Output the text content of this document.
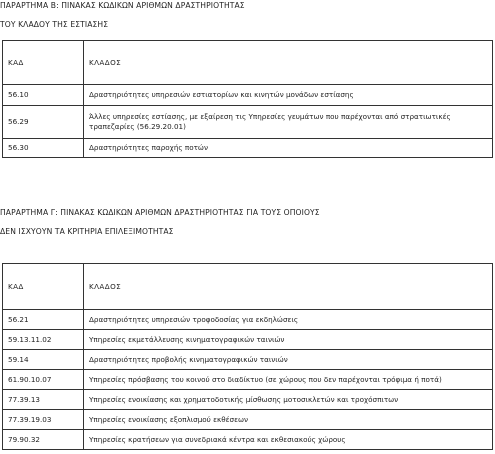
ΠΑΡΑΡΤΗΜΑ Β: ΠΙΝΑΚΑΣ ΚΩΔΙΚΩΝ ΑΡΙΘΜΩΝ ΔΡΑΣΤΗΡΙΟΤΗΤΑΣ
ΤΟΥ ΚΛΑΔΟΥ ΤΗΣ ΕΣΤΙΑΣΗΣ
ΚΑΔ	ΚΛΑΔΟΣ
56.10	Δραστηριότητες υπηρεσιών εστιατορίων και κινητών μονάδων εστίασης
56.29	Άλλες υπηρεσίες εστίασης, με εξαίρεση τις Υπηρεσίες γευμάτων που παρέχονται από στρατιωτικές τραπεζαρίες (56.29.20.01)
56.30	Δραστηριότητες παροχής ποτών
ΠΑΡΑΡΤΗΜΑ Γ: ΠΙΝΑΚΑΣ ΚΩΔΙΚΩΝ ΑΡΙΘΜΩΝ ΔΡΑΣΤΗΡΙΟΤΗΤΑΣ ΓΙΑ ΤΟΥΣ ΟΠΟΙΟΥΣ
ΔΕΝ ΙΣΧΥΟΥΝ ΤΑ ΚΡΙΤΗΡΙΑ ΕΠΙΛΕΞΙΜΟΤΗΤΑΣ
ΚΑΔ	ΚΛΑΔΟΣ
56.21	Δραστηριότητες υπηρεσιών τροφοδοσίας για εκδηλώσεις
59.13.11.02	Υπηρεσίες εκμετάλλευσης κινηματογραφικών ταινιών
59.14	Δραστηριότητες προβολής κινηματογραφικών ταινιών
61.90.10.07	Υπηρεσίες πρόσβασης του κοινού στο διαδίκτυο (σε χώρους που δεν παρέχονται τρόφιμα ή ποτά)
77.39.13	Υπηρεσίες ενοικίασης και χρηματοδοτικής μίσθωσης μοτοσικλετών και τροχόσπιτων
77.39.19.03	Υπηρεσίες ενοικίασης εξοπλισμού εκθέσεων
79.90.32	Υπηρεσίες κρατήσεων για συνεδριακά κέντρα και εκθεσιακούς χώρους
